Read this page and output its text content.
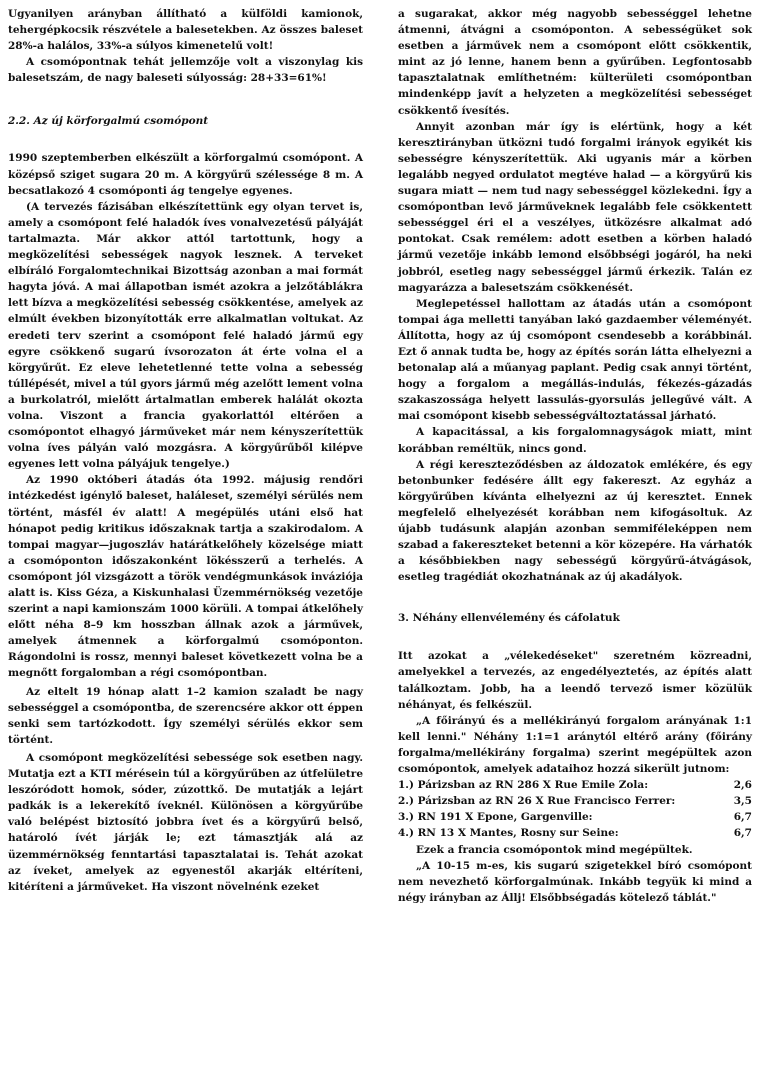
Ugyanilyen arányban állítható a külföldi kamionok, tehergépkocsik részvétele a balesetekben. Az összes baleset 28%-a halálos, 33%-a súlyos kimenetelű volt!

A csomópontnak tehát jellemzője volt a viszonylag kis balesetszám, de nagy baleseti súlyosság: 28+33=61%!

2.2. Az új körforgalmú csomópont

1990 szeptemberben elkészült a körforgalmú csomópont. A középső sziget sugara 20 m. A körgyűrű szélessége 8 m. A becsatlakozó 4 csomóponti ág tengelye egyenes.

(A tervezés fázisában elkészítettünk egy olyan tervet is, amely a csomópont felé haladók íves vonalvezetésű pályáját tartalmazta. Már akkor attól tartottunk, hogy a megközelítési sebességek nagyok lesznek. A terveket elbíráló Forgalomtechnikai Bizottság azonban a mai formát hagyta jóvá. A mai állapotban ismét azokra a jelzőtáblákra lett bízva a megközelítési sebesség csökkentése, amelyek az elmúlt években bizonyították erre alkalmatlan voltukat. Az eredeti terv szerint a csomópont felé haladó jármű egy egyre csökkenő sugarú ívsorozaton át érte volna el a körgyűrűt. Ez eleve lehetetlenné tette volna a sebesség túllépését, mivel a túl gyors jármű még azelőtt lement volna a burkolatról, mielőtt ártalmatlan emberek halálát okozta volna. Viszont a francia gyakorlattól eltérően a csomópontot elhagyó járműveket már nem kényszerítettük volna íves pályán való mozgásra. A körgyűrűből kilépve egyenes lett volna pályájuk tengelye.)

Az 1990 októberi átadás óta 1992. májusig rendőri intézkedést igénylő baleset, haláleset, személyi sérülés nem történt, másfél év alatt! A megépülés utáni első hat hónapot pedig kritikus időszaknak tartja a szakirodalom. A tompai magyar—jugoszláv határátkelőhely közelsége miatt a csomóponton időszakonként lökésszerű a terhelés. A csomópont jól vizsgázott a török vendégmunkások inváziója alatt is. Kiss Géza, a Kiskunhalasi Üzemmérnökség vezetője szerint a napi kamionszám 1000 körüli. A tompai átkelőhely előtt néha 8–9 km hosszban állnak azok a járművek, amelyek átmennek a körforgalmú csomóponton. Rágondolni is rossz, mennyi baleset következett volna be a megnőtt forgalomban a régi csomópontban.

Az eltelt 19 hónap alatt 1–2 kamion szaladt be nagy sebességgel a csomópontba, de szerencsére akkor ott éppen senki sem tartózkodott. Így személyi sérülés ekkor sem történt.

A csomópont megközelítési sebessége sok esetben nagy. Mutatja ezt a KTI mérésein túl a körgyűrűben az útfelületre leszóródott homok, sóder, zúzottkő. De mutatják a lejárt padkák is a lekerekítő íveknél. Különösen a körgyűrűbe való belépést biztosító jobbra ívet és a körgyűrű belső, határoló ívét járják le; ezt támasztják alá az üzemmérnökség fenntartási tapasztalatai is. Tehát azokat az íveket, amelyek az egyenestől akarják eltéríteni, kitéríteni a járműveket. Ha viszont növelnénk ezeket

a sugarakat, akkor még nagyobb sebességgel lehetne átmenni, átvágni a csomóponton. A sebességüket sok esetben a járművek nem a csomópont előtt csökkentik, mint az jó lenne, hanem benn a gyűrűben. Legfontosabb tapasztalatnak említhetném: külterületi csomópontban mindenképp javít a helyzeten a megközelítési sebességet csökkentő ívesítés.

Annyit azonban már így is elértünk, hogy a két keresztirányban ütközni tudó forgalmi irányok egyikét kis sebességre kényszerítettük. Aki ugyanis már a körben legalább negyed ordulatot megtéve halad — a körgyűrű kis sugara miatt — nem tud nagy sebességgel közlekedni. Így a csomópontban levő járműveknek legalább fele csökkentett sebességgel éri el a veszélyes, ütközésre alkalmat adó pontokat. Csak remélem: adott esetben a körben haladó jármű vezetője inkább lemond elsőbbségi jogáról, ha neki jobbról, esetleg nagy sebességgel jármű érkezik. Talán ez magyarázza a balesetszám csökkenését.

Meglepetéssel hallottam az átadás után a csomópont tompai ága melletti tanyában lakó gazdaember véleményét. Állította, hogy az új csomópont csendesebb a korábbinál. Ezt ő annak tudta be, hogy az építés során látta elhelyezni a betonalap alá a műanyag paplant. Pedig csak annyi történt, hogy a forgalom a megállás-indulás, fékezés-gázadás szakaszossága helyett lassulás-gyorsulás jellegűvé vált. A mai csomópont kisebb sebességváltoztatással járható.

A kapacitással, a kis forgalomnagyságok miatt, mint korábban reméltük, nincs gond.

A régi kereszteződésben az áldozatok emlékére, és egy betonbunker fedésére állt egy fakereszt. Az egyház a körgyűrűben kívánta elhelyezni az új keresztet. Ennek megfelelő elhelyezését korábban nem kifogásoltuk. Az újabb tudásunk alapján azonban semmiféleképpen nem szabad a fakereszteket betenni a kör közepére. Ha várhatók a későbbiekben nagy sebességű körgyűrű-átvágások, esetleg tragédiát okozhatnának az új akadályok.

3. Néhány ellenvélemény és cáfolatuk

Itt azokat a „vélekedéseket" szeretném közreadni, amelyekkel a tervezés, az engedélyeztetés, az építés alatt találkoztam. Jobb, ha a leendő tervező ismer közülük néhányat, és felkészül.

„A főirányú és a mellékirányú forgalom arányának 1:1 kell lenni." Néhány 1:1=1 aránytól eltérő arány (főirány forgalma/mellékirány forgalma) szerint megépültek azon csomópontok, amelyek adataihoz hozzá sikerült jutnom:

1.) Párizsban az RN 286 X Rue Emile Zola:	2,6
2.) Párizsban az RN 26 X Rue Francisco Ferrer:	3,5
3.) RN 191 X Epone, Gargenville:	6,7
4.) RN 13 X Mantes, Rosny sur Seine:	6,7

Ezek a francia csomópontok mind megépültek.

„A 10-15 m-es, kis sugarú szigetekkel bíró csomópont nem nevezhető körforgalmúnak. Inkább tegyük ki mind a négy irányban az Állj! Elsőbbségadás kötelező táblát."
